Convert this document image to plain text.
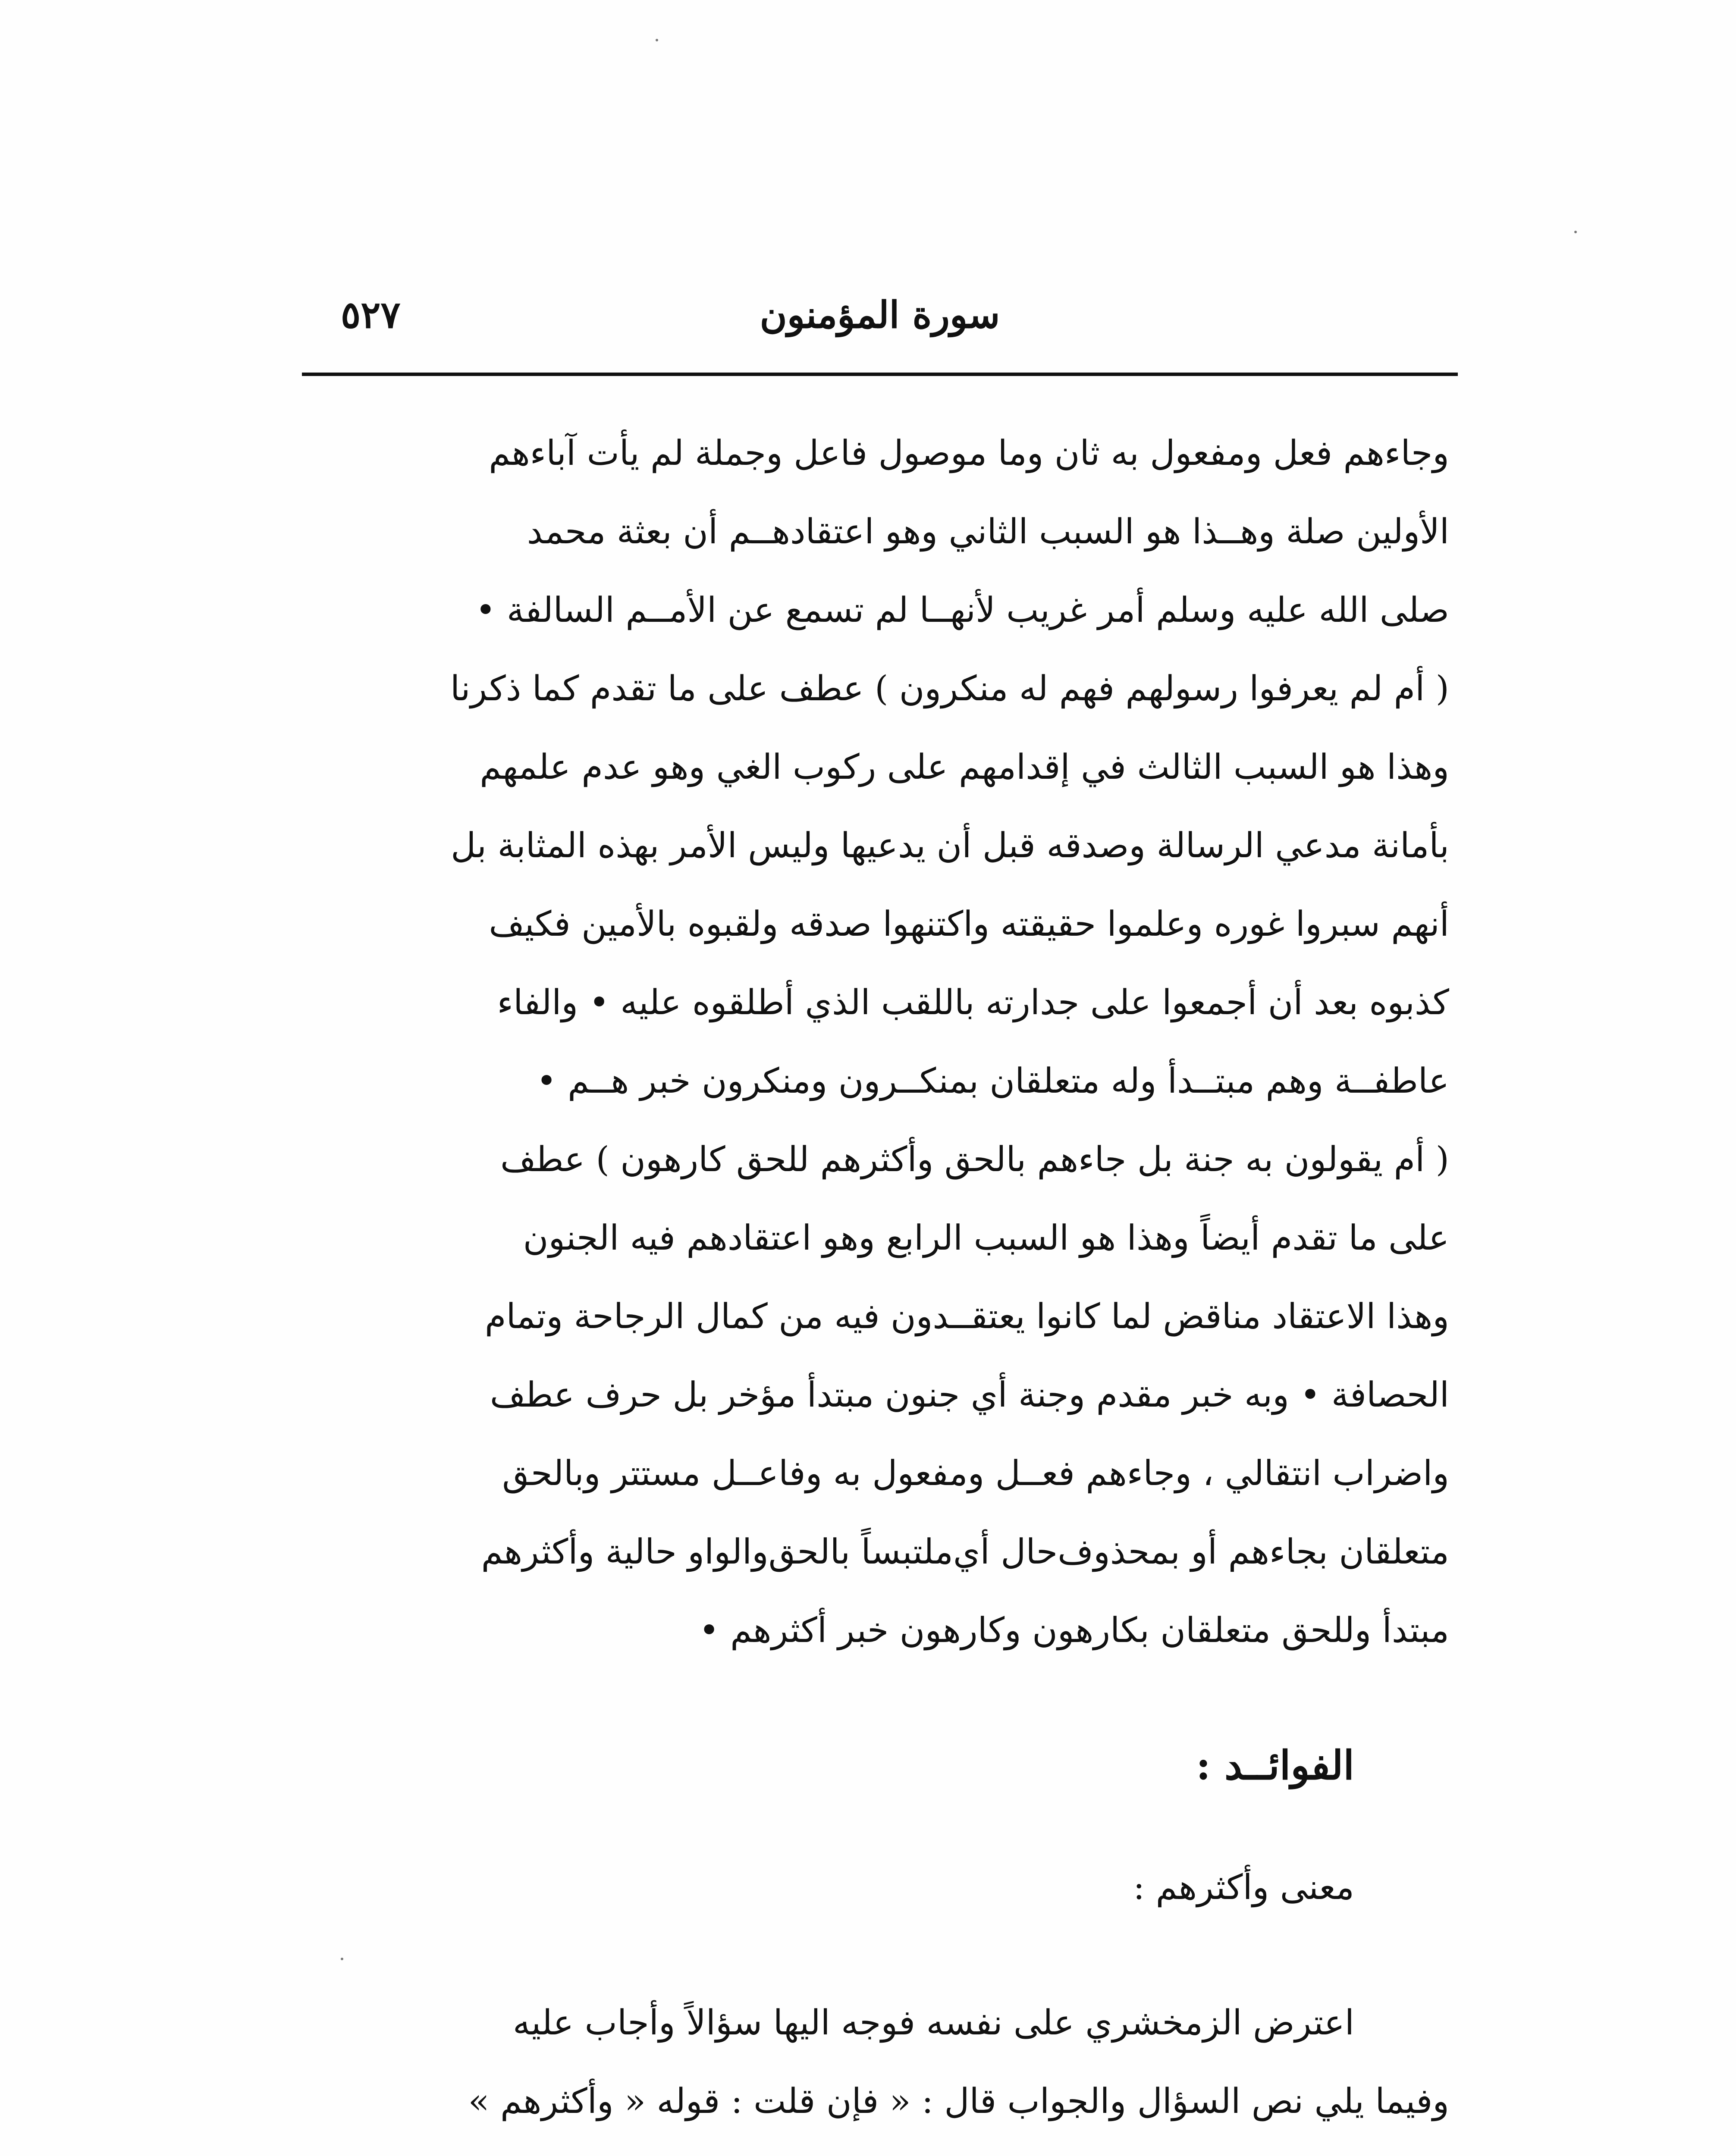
سورة المؤمنون
٥٢٧
وجاءهم فعل ومفعول به ثان وما موصول فاعل وجملة لم يأت آباءهم
الأولين صلة وهــذا هو السبب الثاني وهو اعتقادهــم أن بعثة محمد
صلى الله عليه وسلم أمر غريب لأنهــا لم تسمع عن الأمــم السالفة •
( أم لم يعرفوا رسولهم فهم له منكرون ) عطف على ما تقدم كما ذكرنا
وهذا هو السبب الثالث في إقدامهم على ركوب الغي وهو عدم علمهم
بأمانة مدعي الرسالة وصدقه قبل أن يدعيها وليس الأمر بهذه المثابة بل
أنهم سبروا غوره وعلموا حقيقته واكتنهوا صدقه ولقبوه بالأمين فكيف
كذبوه بعد أن أجمعوا على جدارته باللقب الذي أطلقوه عليه • والفاء
عاطفــة وهم مبتــدأ وله متعلقان بمنكــرون ومنكرون خبر هــم •
( أم يقولون به جنة بل جاءهم بالحق وأكثرهم للحق كارهون ) عطف
على ما تقدم أيضاً وهذا هو السبب الرابع وهو اعتقادهم فيه الجنون
وهذا الاعتقاد مناقض لما كانوا يعتقــدون فيه من كمال الرجاحة وتمام
الحصافة • وبه خبر مقدم وجنة أي جنون مبتدأ مؤخر بل حرف عطف
واضراب انتقالي ، وجاءهم فعــل ومفعول به وفاعــل مستتر وبالحق
متعلقان بجاءهم أو بمحذوف‌حال أي‌ملتبساً بالحق‌والواو حالية وأكثرهم
مبتدأ وللحق متعلقان بكارهون وكارهون خبر أكثرهم •
الفوائــد :
معنى وأكثرهم :
اعترض الزمخشري على نفسه فوجه اليها سؤالاً وأجاب عليه
وفيما يلي نص السؤال والجواب قال : « فإن قلت : قوله « وأكثرهم »
